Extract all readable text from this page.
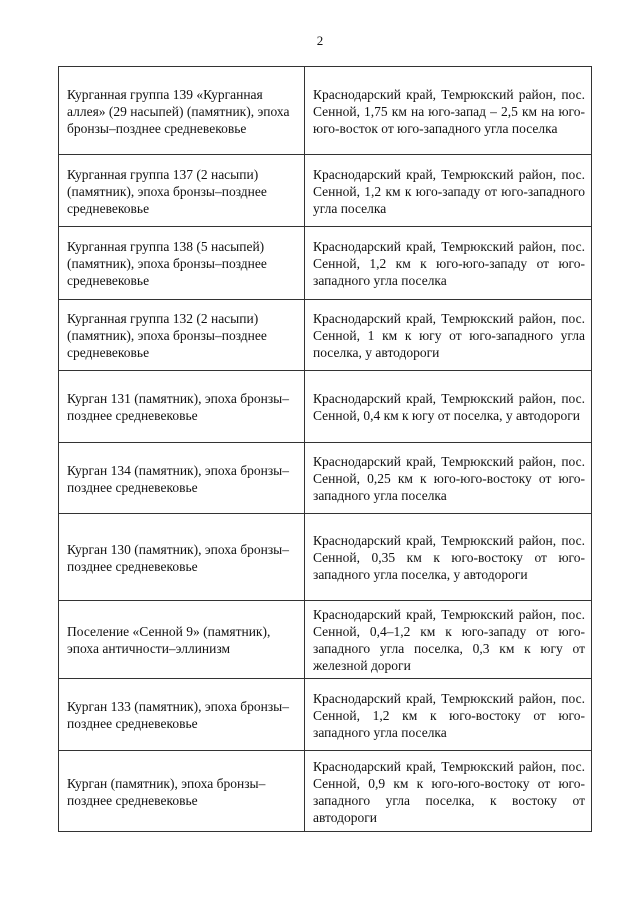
2
Курганная группа 139 «Курганная аллея» (29 насыпей) (памятник), эпоха бронзы‒позднее средневековье	Краснодарский край, Темрюкский район, пос. Сенной, 1,75 км на юго-запад – 2,5 км на юго-юго-восток от юго-западного угла поселка
Курганная группа 137 (2 насыпи) (памятник), эпоха бронзы‒позднее средневековье	Краснодарский край, Темрюкский район, пос. Сенной, 1,2 км к юго-западу от юго-западного угла поселка
Курганная группа 138 (5 насыпей) (памятник), эпоха бронзы‒позднее средневековье	Краснодарский край, Темрюкский район, пос. Сенной, 1,2 км к юго-юго-западу от юго-западного угла поселка
Курганная группа 132 (2 насыпи) (памятник), эпоха бронзы‒позднее средневековье	Краснодарский край, Темрюкский район, пос. Сенной, 1 км к югу от юго-западного угла поселка, у автодороги
Курган 131 (памятник), эпоха бронзы‒позднее средневековье	Краснодарский край, Темрюкский район, пос. Сенной, 0,4 км к югу от поселка, у автодороги
Курган 134 (памятник), эпоха бронзы‒позднее средневековье	Краснодарский край, Темрюкский район, пос. Сенной, 0,25 км к юго-юго-востоку от юго-западного угла поселка
Курган 130 (памятник), эпоха бронзы‒позднее средневековье	Краснодарский край, Темрюкский район, пос. Сенной, 0,35 км к юго-востоку от юго-западного угла поселка, у автодороги
Поселение «Сенной 9» (памятник), эпоха античности‒эллинизм	Краснодарский край, Темрюкский район, пос. Сенной, 0,4‒1,2 км к юго-западу от юго-западного угла поселка, 0,3 км к югу от железной дороги
Курган 133 (памятник), эпоха бронзы‒позднее средневековье	Краснодарский край, Темрюкский район, пос. Сенной, 1,2 км к юго-востоку от юго-западного угла поселка
Курган (памятник), эпоха бронзы‒позднее средневековье	Краснодарский край, Темрюкский район, пос. Сенной, 0,9 км к юго-юго-востоку от юго-западного угла поселка, к востоку от автодороги
